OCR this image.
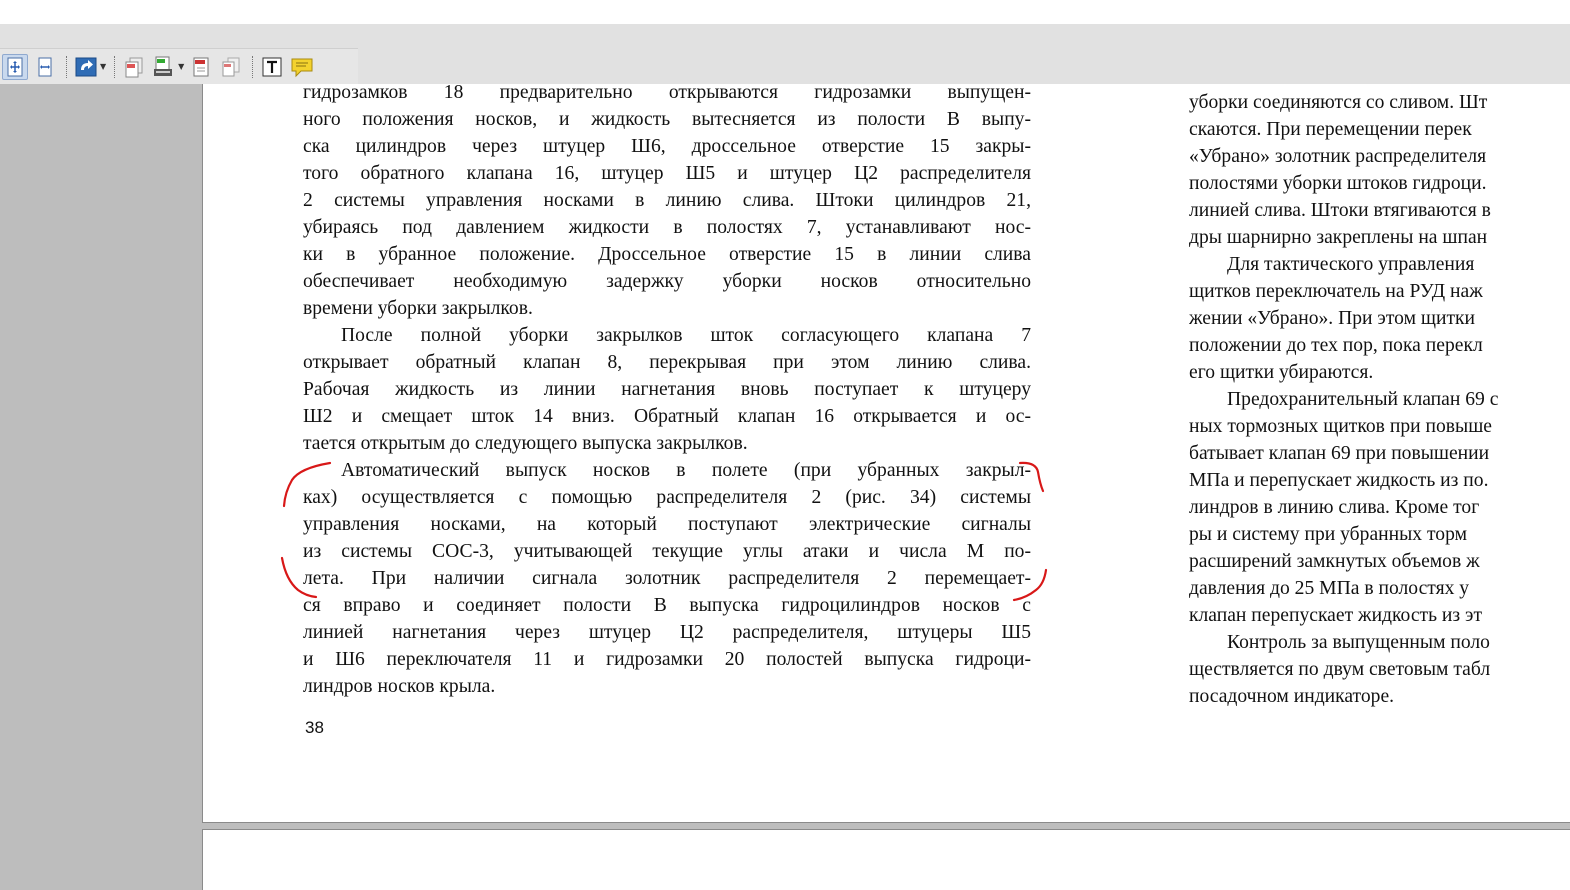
▼	▼
гидрозамков 18 предварительно открываются гидрозамки выпущен-
ного положения носков, и жидкость вытесняется из полости В выпу-
ска цилиндров через штуцер Ш6, дроссельное отверстие 15 закры-
того обратного клапана 16, штуцер Ш5 и штуцер Ц2 распределителя
2 системы управления носками в линию слива. Штоки цилиндров 21,
убираясь под давлением жидкости в полостях 7, устанавливают нос-
ки в убранное положение. Дроссельное отверстие 15 в линии слива
обеспечивает необходимую задержку уборки носков относительно
времени уборки закрылков.
После полной уборки закрылков шток согласующего клапана 7
открывает обратный клапан 8, перекрывая при этом линию слива.
Рабочая жидкость из линии нагнетания вновь поступает к штуцеру
Ш2 и смещает шток 14 вниз. Обратный клапан 16 открывается и ос-
тается открытым до следующего выпуска закрылков.
Автоматический выпуск носков в полете (при убранных закрыл-
ках) осуществляется с помощью распределителя 2 (рис. 34) системы
управления носками, на который поступают электрические сигналы
из системы СОС-3, учитывающей текущие углы атаки и числа М по-
лета. При наличии сигнала золотник распределителя 2 перемещает-
ся вправо и соединяет полости В выпуска гидроцилиндров носков с
линией нагнетания через штуцер Ц2 распределителя, штуцеры Ш5
и Ш6 переключателя 11 и гидрозамки 20 полостей выпуска гидроци-
линдров носков крыла.
38
уборки соединяются со сливом. Шт
скаются. При перемещении перек
«Убрано» золотник распределителя
полостями уборки штоков гидроци.
линией слива. Штоки втягиваются в
дры шарнирно закреплены на шпан
Для тактического управления
щитков переключатель на РУД наж
жении «Убрано». При этом щитки
положении до тех пор, пока перекл
его щитки убираются.
Предохранительный клапан 69 с
ных тормозных щитков при повыше
батывает клапан 69 при повышении
МПа и перепускает жидкость из по.
линдров в линию слива. Кроме тог
ры и систему при убранных торм
расширений замкнутых объемов ж
давления до 25 МПа в полостях у
клапан перепускает жидкость из эт
Контроль за выпущенным поло
ществляется по двум световым табл
посадочном индикаторе.
